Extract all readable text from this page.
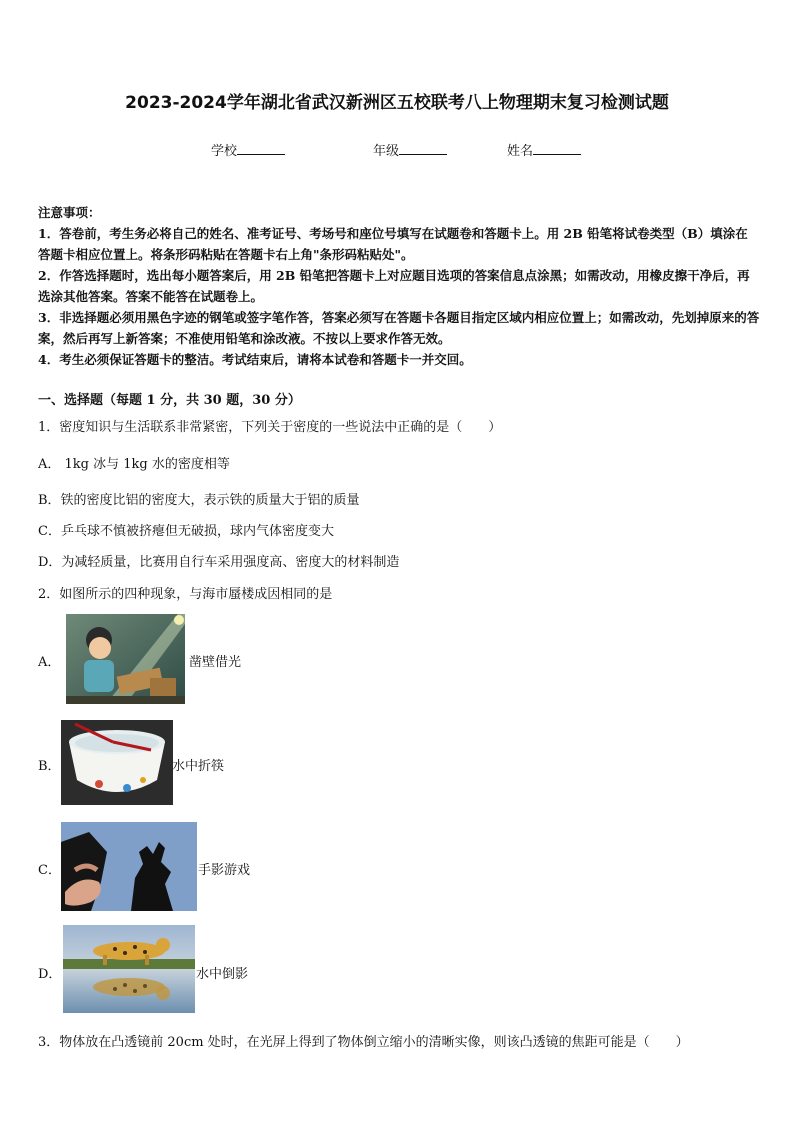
2023-2024学年湖北省武汉新洲区五校联考八上物理期末复习检测试题
学校	年级	姓名

注意事项：

1．答卷前，考生务必将自己的姓名、准考证号、考场号和座位号填写在试题卷和答题卡上。用 2B 铅笔将试卷类型（B）填涂在答题卡相应位置上。将条形码粘贴在答题卡右上角"条形码粘贴处"。

2．作答选择题时，选出每小题答案后，用 2B 铅笔把答题卡上对应题目选项的答案信息点涂黑；如需改动，用橡皮擦干净后，再选涂其他答案。答案不能答在试题卷上。

3．非选择题必须用黑色字迹的钢笔或签字笔作答，答案必须写在答题卡各题目指定区域内相应位置上；如需改动，先划掉原来的答案，然后再写上新答案；不准使用铅笔和涂改液。不按以上要求作答无效。

4．考生必须保证答题卡的整洁。考试结束后，请将本试卷和答题卡一并交回。

一、选择题（每题 1 分，共 30 题，30 分）
1．密度知识与生活联系非常紧密，下列关于密度的一些说法中正确的是（　　）
A． 1kg 冰与 1kg 水的密度相等
B．铁的密度比铝的密度大，表示铁的质量大于铝的质量
C．乒乓球不慎被挤瘪但无破损，球内气体密度变大
D．为减轻质量，比赛用自行车采用强度高、密度大的材料制造
2．如图所示的四种现象，与海市蜃楼成因相同的是
A．	凿壁借光
B．	水中折筷
C．	手影游戏
D．	水中倒影
3．物体放在凸透镜前 20cm 处时，在光屏上得到了物体倒立缩小的清晰实像，则该凸透镜的焦距可能是（　　）
